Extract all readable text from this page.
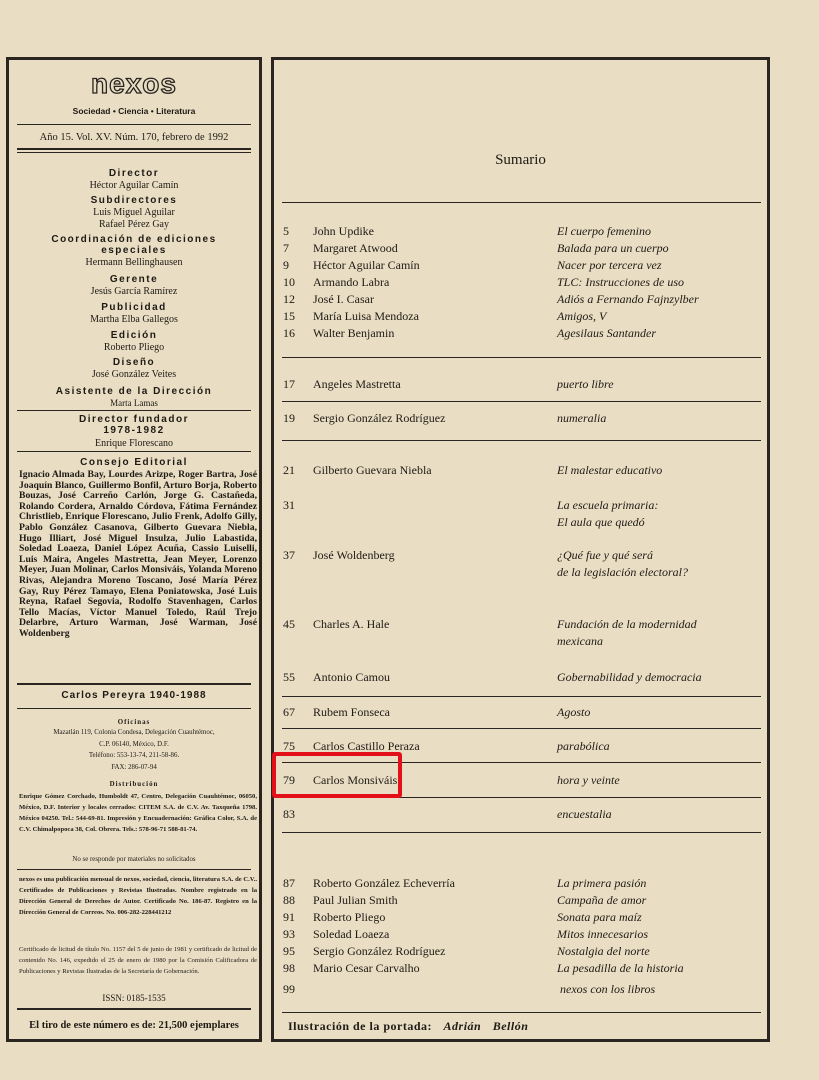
nexos
Sociedad • Ciencia • Literatura
Año 15. Vol. XV. Núm. 170, febrero de 1992
Director
Héctor Aguilar Camín
Subdirectores
Luis Miguel Aguilar
Rafael Pérez Gay
Coordinación de ediciones especiales
Hermann Bellinghausen
Gerente
Jesús García Ramírez
Publicidad
Martha Elba Gallegos
Edición
Roberto Pliego
Diseño
José González Veites
Asistente de la Dirección
Marta Lamas
Director fundador
1978-1982
Enrique Florescano
Consejo Editorial
Ignacio Almada Bay, Lourdes Arizpe, Roger Bartra, José Joaquín Blanco, Guillermo Bonfil, Arturo Borja, Roberto Bouzas, José Carreño Carlón, Jorge G. Castañeda, Rolando Cordera, Arnaldo Córdova, Fátima Fernández Christlieb, Enrique Florescano, Julio Frenk, Adolfo Gilly, Pablo González Casanova, Gilberto Guevara Niebla, Hugo Illiart, José Miguel Insulza, Julio Labastida, Soledad Loaeza, Daniel López Acuña, Cassio Luiselli, Luis Maira, Angeles Mastretta, Jean Meyer, Lorenzo Meyer, Juan Molinar, Carlos Monsiváis, Yolanda Moreno Rivas, Alejandra Moreno Toscano, José María Pérez Gay, Ruy Pérez Tamayo, Elena Poniatowska, José Luis Reyna, Rafael Segovia, Rodolfo Stavenhagen, Carlos Tello Macías, Víctor Manuel Toledo, Raúl Trejo Delarbre, Arturo Warman, José Warman, José Woldenberg
Carlos Pereyra 1940-1988
Oficinas
Mazatlán 119, Colonia Condesa, Delegación Cuauhtémoc,
C.P. 06140, México, D.F.
Teléfono: 553-13-74, 211-58-86.
FAX: 286-07-94
Distribución
Enrique Gómez Corchado, Humboldt 47, Centro, Delegación Cuauhtémoc, 06050, México, D.F. Interior y locales cerrados: CITEM S.A. de C.V. Av. Taxqueña 1798. México 04250. Tel.: 544-69-81. Impresión y Encuadernación: Gráfica Color, S.A. de C.V. Chimalpopoca 38, Col. Obrera. Tels.: 578-96-71 588-81-74.
No se responde por materiales no solicitados
nexos es una publicación mensual de nexos, sociedad, ciencia, literatura S.A. de C.V.. Certificados de Publicaciones y Revistas Ilustradas. Nombre registrado en la Dirección General de Derechos de Autor. Certificado No. 186-87. Registro en la Dirección General de Correos. No. 006-282-228441212
Certificado de licitud de título No. 1157 del 5 de junio de 1981 y certificado de licitud de contenido No. 146, expedido el 25 de enero de 1980 por la Comisión Calificadora de Publicaciones y Revistas Ilustradas de la Secretaría de Gobernación.
ISSN: 0185-1535
El tiro de este número es de: 21,500 ejemplares
Sumario
5 John Updike	El cuerpo femenino
7 Margaret Atwood	Balada para un cuerpo
9 Héctor Aguilar Camín	Nacer por tercera vez
10 Armando Labra	TLC: Instrucciones de uso
12 José I. Casar	Adiós a Fernando Fajnzylber
15 María Luisa Mendoza	Amigos, V
16 Walter Benjamin	Agesilaus Santander
17 Angeles Mastretta	puerto libre
19 Sergio González Rodríguez	numeralia
21 Gilberto Guevara Niebla	El malestar educativo
31	La escuela primaria:
El aula que quedó
37 José Woldenberg	¿Qué fue y qué será
de la legislación electoral?
45 Charles A. Hale	Fundación de la modernidad
mexicana
55 Antonio Camou	Gobernabilidad y democracia
67 Rubem Fonseca	Agosto
75 Carlos Castillo Peraza	parabólica
79 Carlos Monsiváis	hora y veinte
83	encuestalia
87 Roberto González Echeverría	La primera pasión
88 Paul Julian Smith	Campaña de amor
91 Roberto Pliego	Sonata para maíz
93 Soledad Loaeza	Mitos innecesarios
95 Sergio González Rodríguez	Nostalgia del norte
98 Mario Cesar Carvalho	La pesadilla de la historia
99	nexos con los libros
Ilustración de la portada: Adrián Bellón
